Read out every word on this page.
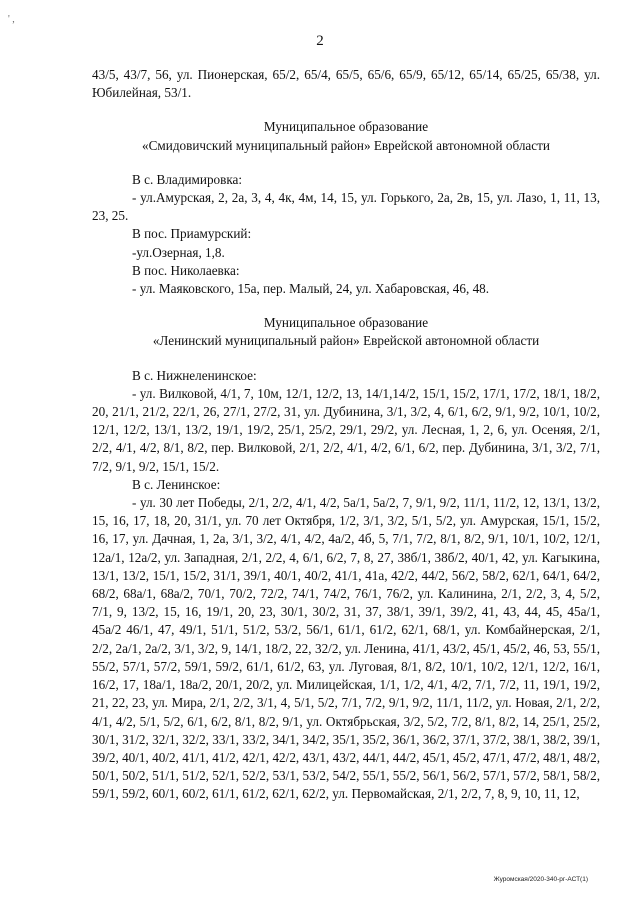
' ,
2

43/5, 43/7, 56, ул. Пионерская, 65/2, 65/4, 65/5, 65/6, 65/9, 65/12, 65/14, 65/25, 65/38, ул. Юбилейная, 53/1.

Муниципальное образование

«Смидовичский муниципальный район» Еврейской автономной области

В с. Владимировка:

- ул.Амурская, 2, 2а, 3, 4, 4к, 4м, 14, 15, ул. Горького, 2а, 2в, 15, ул. Лазо, 1, 11, 13, 23, 25.

В пос. Приамурский:

-ул.Озерная, 1,8.

В пос. Николаевка:

- ул. Маяковского, 15а, пер. Малый, 24, ул. Хабаровская, 46, 48.

Муниципальное образование

«Ленинский муниципальный район» Еврейской автономной области

В с. Нижнеленинское:

- ул. Вилковой, 4/1, 7, 10м, 12/1, 12/2, 13, 14/1,14/2, 15/1, 15/2, 17/1, 17/2, 18/1, 18/2, 20, 21/1, 21/2, 22/1, 26, 27/1, 27/2, 31, ул. Дубинина, 3/1, 3/2, 4, 6/1, 6/2, 9/1, 9/2, 10/1, 10/2, 12/1, 12/2, 13/1, 13/2, 19/1, 19/2, 25/1, 25/2, 29/1, 29/2, ул. Лесная, 1, 2, 6, ул. Осеняя, 2/1, 2/2, 4/1, 4/2, 8/1, 8/2, пер. Вилковой, 2/1, 2/2, 4/1, 4/2, 6/1, 6/2, пер. Дубинина, 3/1, 3/2, 7/1, 7/2, 9/1, 9/2, 15/1, 15/2.

В с. Ленинское:

- ул. 30 лет Победы, 2/1, 2/2, 4/1, 4/2, 5а/1, 5а/2, 7, 9/1, 9/2, 11/1, 11/2, 12, 13/1, 13/2, 15, 16, 17, 18, 20, 31/1, ул. 70 лет Октября, 1/2, 3/1, 3/2, 5/1, 5/2, ул. Амурская, 15/1, 15/2, 16, 17, ул. Дачная, 1, 2а, 3/1, 3/2, 4/1, 4/2, 4а/2, 4б, 5, 7/1, 7/2, 8/1, 8/2, 9/1, 10/1, 10/2, 12/1, 12а/1, 12а/2, ул. Западная, 2/1, 2/2, 4, 6/1, 6/2, 7, 8, 27, 38б/1, 38б/2, 40/1, 42, ул. Кагыкина, 13/1, 13/2, 15/1, 15/2, 31/1, 39/1, 40/1, 40/2, 41/1, 41а, 42/2, 44/2, 56/2, 58/2, 62/1, 64/1, 64/2, 68/2, 68а/1, 68а/2, 70/1, 70/2, 72/2, 74/1, 74/2, 76/1, 76/2, ул. Калинина, 2/1, 2/2, 3, 4, 5/2, 7/1, 9, 13/2, 15, 16, 19/1, 20, 23, 30/1, 30/2, 31, 37, 38/1, 39/1, 39/2, 41, 43, 44, 45, 45а/1, 45а/2 46/1, 47, 49/1, 51/1, 51/2, 53/2, 56/1, 61/1, 61/2, 62/1, 68/1, ул. Комбайнерская, 2/1, 2/2, 2а/1, 2а/2, 3/1, 3/2, 9, 14/1, 18/2, 22, 32/2, ул. Ленина, 41/1, 43/2, 45/1, 45/2, 46, 53, 55/1, 55/2, 57/1, 57/2, 59/1, 59/2, 61/1, 61/2, 63, ул. Луговая, 8/1, 8/2, 10/1, 10/2, 12/1, 12/2, 16/1, 16/2, 17, 18а/1, 18а/2, 20/1, 20/2, ул. Милицейская, 1/1, 1/2, 4/1, 4/2, 7/1, 7/2, 11, 19/1, 19/2, 21, 22, 23, ул. Мира, 2/1, 2/2, 3/1, 4, 5/1, 5/2, 7/1, 7/2, 9/1, 9/2, 11/1, 11/2, ул. Новая, 2/1, 2/2, 4/1, 4/2, 5/1, 5/2, 6/1, 6/2, 8/1, 8/2, 9/1, ул. Октябрьская, 3/2, 5/2, 7/2, 8/1, 8/2, 14, 25/1, 25/2, 30/1, 31/2, 32/1, 32/2, 33/1, 33/2, 34/1, 34/2, 35/1, 35/2, 36/1, 36/2, 37/1, 37/2, 38/1, 38/2, 39/1, 39/2, 40/1, 40/2, 41/1, 41/2, 42/1, 42/2, 43/1, 43/2, 44/1, 44/2, 45/1, 45/2, 47/1, 47/2, 48/1, 48/2, 50/1, 50/2, 51/1, 51/2, 52/1, 52/2, 53/1, 53/2, 54/2, 55/1, 55/2, 56/1, 56/2, 57/1, 57/2, 58/1, 58/2, 59/1, 59/2, 60/1, 60/2, 61/1, 61/2, 62/1, 62/2, ул. Первомайская, 2/1, 2/2, 7, 8, 9, 10, 11, 12,

Журомская/2020-340-рг-АСТ(1)
